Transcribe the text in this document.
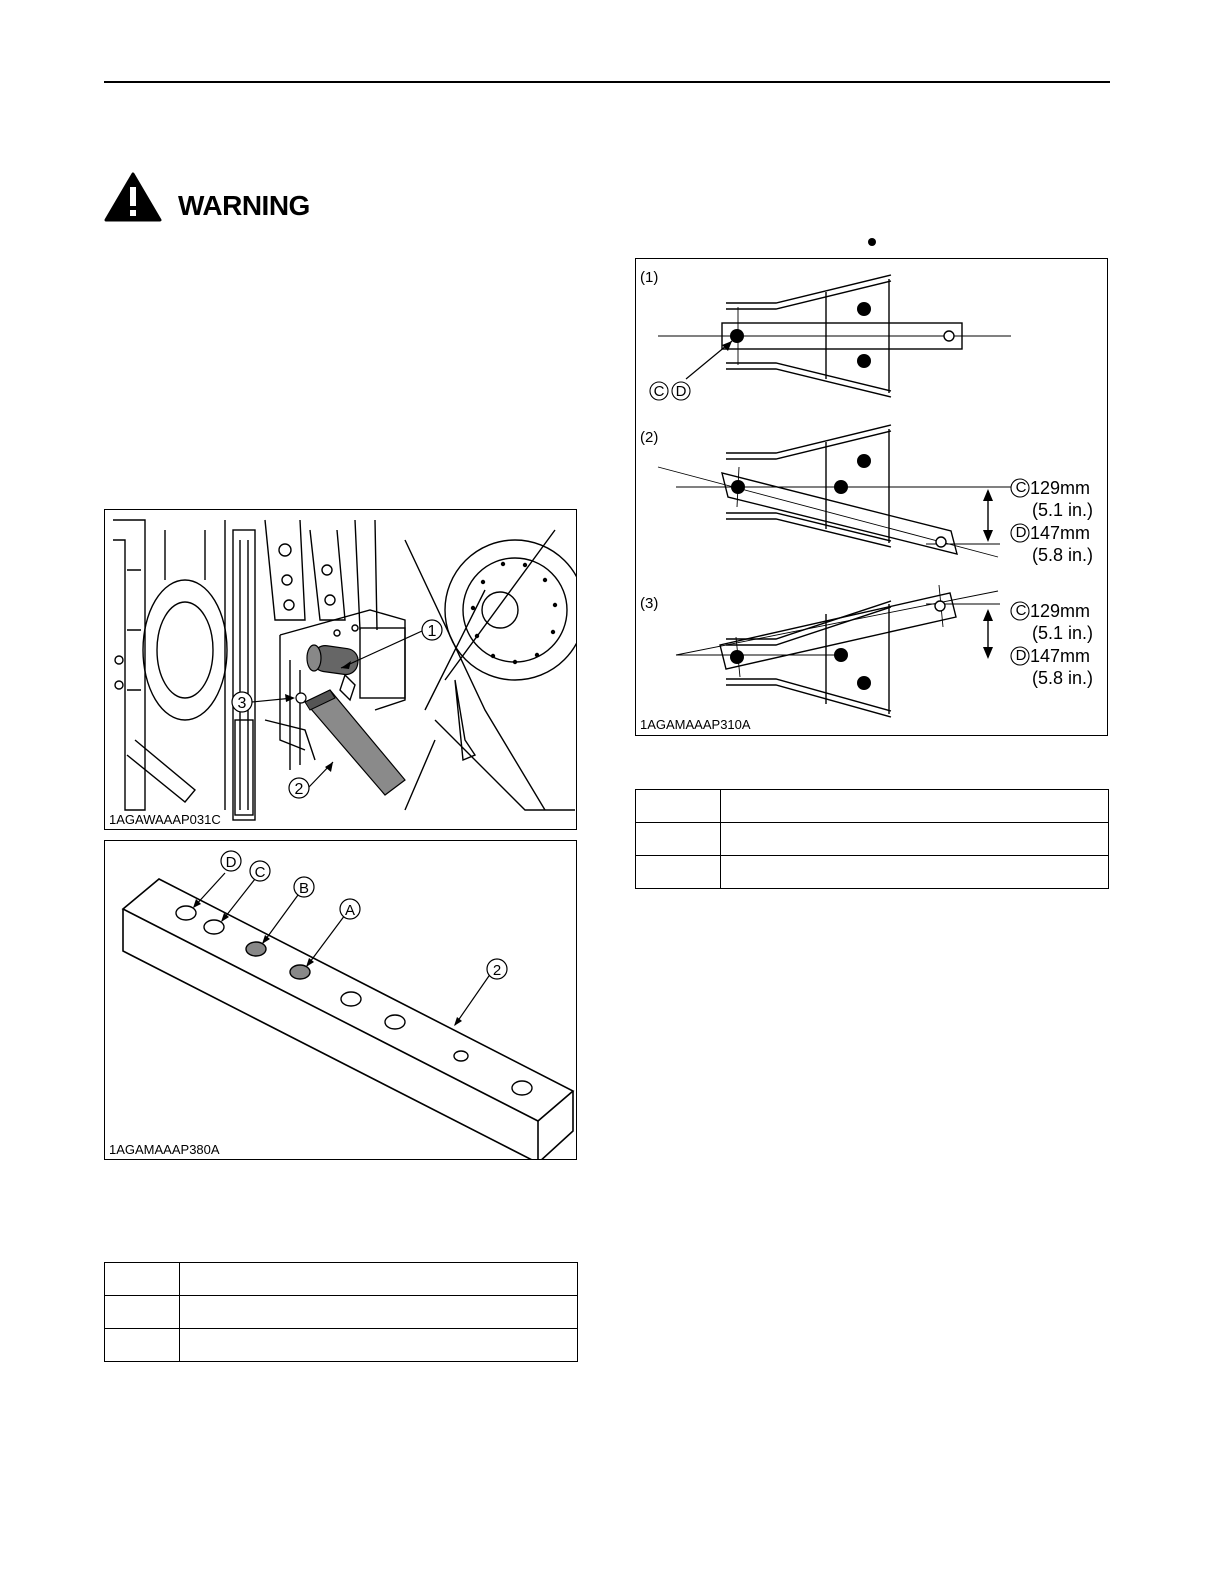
WARNING
1
3
2
1AGAWAAAP031C
D
C
B
A
2
1AGAMAAAP380A

C D
(1)
(2)
(3)
C 129mm
(5.1 in.)
D 147mm
(5.8 in.)
C 129mm
(5.1 in.)
D 147mm
(5.8 in.)
1AGAMAAAP310A
